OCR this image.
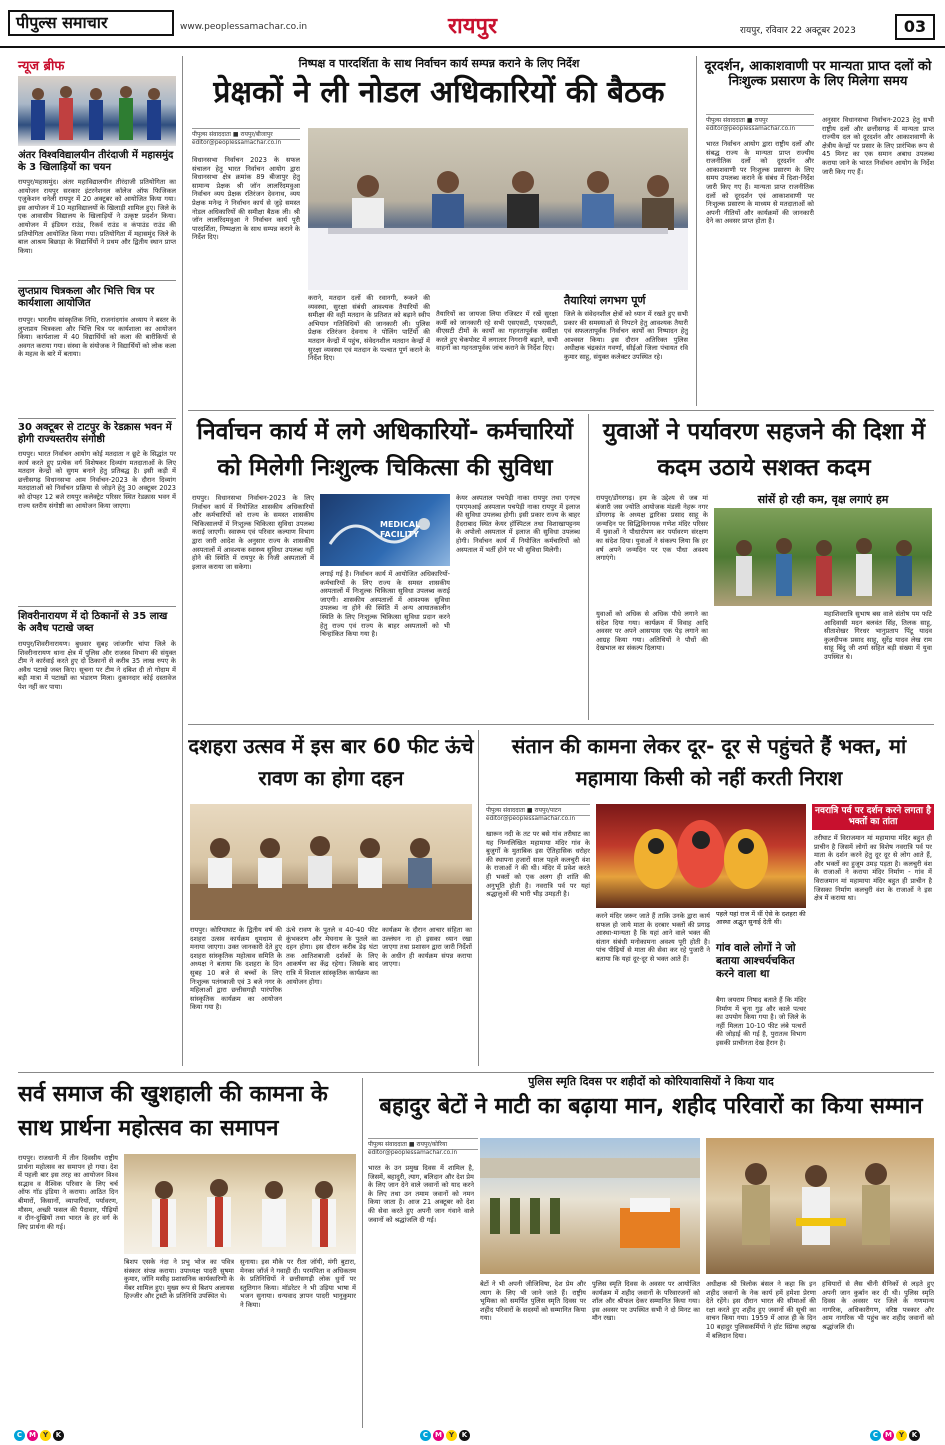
पीपुल्स समाचार	www.peoplessamachar.co.in	रायपुर	रायपुर, रविवार 22 अक्टूबर 2023	03
न्यूज ब्रीफ
अंतर विश्वविद्यालयीन तीरंदाजी में महासमुंद के 3 खिलाड़ियों का चयन
रायपुर/महासमुंद। अंतर महाविद्यालयीन तीरंदाजी प्रतियोगिता का आयोजन रायपुर सरकार इंटरनेशनल कॉलेज ऑफ फिजिकल एजुकेशन धनेली रायपुर में 20 अक्टूबर को आयोजित किया गया। इस आयोजन में 10 महाविद्यालयों के खिलाड़ी शामिल हुए। जिले के एक आवासीय विद्यालय के खिलाड़ियों ने उत्कृष्ट प्रदर्शन किया। आयोजन में इंडियन राउंड, रिकर्व राउंड व कंपाउंड राउंड की प्रतियोगिता आयोजित किया गया। प्रतियोगिता में महासमुंद जिले के बाल आश्रम बिछाड़ा के विद्यार्थियों ने प्रथम और द्वितीय स्थान प्राप्त किया।
लुप्तप्राय चित्रकला और भित्ति चित्र पर कार्यशाला आयोजित
रायपुर। भारतीय सांस्कृतिक निधि, राजनांदगांव अध्याय ने बस्तर के लुप्तप्राय चित्रकला और भित्ति चित्र पर कार्यशाला का आयोजन किया। कार्यशाला में 40 विद्यार्थियों को कला की बारीकियों से अवगत कराया गया। संस्था के संयोजक ने विद्यार्थियों को लोक कला के महत्व के बारे में बताया।
30 अक्टूबर से टाटपुर के रेडक्रास भवन में होगी राज्यस्तरीय संगोष्ठी
रायपुर। भारत निर्वाचन आयोग कोई मतदाता न छूटे के सिद्धांत पर कार्य करते हुए प्रत्येक वर्ग विशेषकर दिव्यांग मतदाताओं के लिए मतदान केन्द्रों को सुगम बनाने हेतु प्रतिबद्ध है। इसी कड़ी में छत्तीसगढ़ विधानसभा आम निर्वाचन-2023 के दौरान दिव्यांग मतदाताओं को निर्वाचन प्रक्रिया से जोड़ने हेतु 30 अक्टूबर 2023 को दोपहर 12 बजे रायपुर कलेक्ट्रेट परिसर स्थित रेडक्रास भवन में राज्य स्तरीय संगोष्ठी का आयोजन किया जाएगा।
शिवरीनारायण में दो ठिकानों से 35 लाख के अवैध पटाखे जब्त
रायपुर/शिवरीनारायण। बुधवार सुबह जांजगीर चांपा जिले के शिवरीनारायण थाना क्षेत्र में पुलिस और राजस्व विभाग की संयुक्त टीम ने कार्रवाई करते हुए दो ठिकानों से करीब 35 लाख रुपए के अवैध पटाखे जब्त किए। सूचना पर टीम ने दबिश दी तो गोदाम में बड़ी मात्रा में पटाखों का भंडारण मिला। दुकानदार कोई दस्तावेज पेश नहीं कर पाया।
निष्पक्ष व पारदर्शिता के साथ निर्वाचन कार्य सम्पन्न कराने के लिए निर्देश
प्रेक्षकों ने ली नोडल अधिकारियों की बैठक
पीपुल्स संवाददाता ■ रायपुर/बीजापुर
editor@peoplessamachar.co.in
विधानसभा निर्वाचन 2023 के सफल संचालन हेतु भारत निर्वाचन आयोग द्वारा विधानसभा क्षेत्र क्रमांक 89 बीजापुर हेतु सामान्य प्रेक्षक श्री जॉन लालरिंदमवुआ निर्वाचन व्यय प्रेक्षक रतिरंजन देवनाथ, व्यय प्रेक्षक मनेन्द्र ने निर्वाचन कार्य से जुड़े समस्त नोडल अधिकारियों की समीक्षा बैठक ली। श्री जॉन लालरिंदमवुआ ने निर्वाचन कार्य पूरी पारदर्शिता, निष्पक्षता के साथ सम्पन्न कराने के निर्देश दिए।
कराने, मतदान दलों की रवानगी, रूकने की व्यवस्था, सुरक्षा संबंधी आवश्यक तैयारियों की समीक्षा की वहीं मतदान के प्रतिशत को बढ़ाने स्वीप अभियान गतिविधियों की जानकारी ली। पुलिस प्रेक्षक रतिरंजन देवनाथ ने पोलिंग पार्टियों की मतदान केन्द्रों में पहुंच, संवेदनशील मतदान केन्द्रों में सुरक्षा व्यवस्था एवं मतदान के पश्चात पूर्ण कराने के निर्देश दिए।
तैयारियों का जायजा लिया रजिस्टर में रखें सुरक्षा कर्मी को जानकारी रहे सभी एसएसटी, एफएसटी, वीएसटी टीमों के कार्यों का गहनतापूर्वक समीक्षा करते हुए चेकपोस्ट में लगातार निगरानी बढ़ाने, सभी वाहनों का गहनतापूर्वक जांच कराने के निर्देश दिए।
तैयारियां लगभग पूर्ण
जिले के संवेदनशील क्षेत्रों को ध्यान में रखते हुए सभी प्रकार की समस्याओं से निपटने हेतु आवश्यक तैयारी एवं सफलतापूर्वक निर्वाचन कार्यों का निष्पादन हेतु आश्वस्त किया। इस दौरान अतिरिक्त पुलिस अधीक्षक चंद्रकांत गवर्णा, सीईओ जिला पंचायत रवि कुमार साहू, संयुक्त कलेक्टर उपस्थित रहे।
दूरदर्शन, आकाशवाणी पर मान्यता प्राप्त दलों को निःशुल्क प्रसारण के लिए मिलेगा समय
पीपुल्स संवाददाता ■ रायपुर
editor@peoplessamachar.co.in
भारत निर्वाचन आयोग द्वारा राष्ट्रीय दलों और संबद्ध राज्य के मान्यता प्राप्त राज्यीय राजनीतिक दलों को दूरदर्शन और आकाशवाणी पर निःशुल्क प्रसारण के लिए समय उपलब्ध कराने के संबंध में दिशा-निर्देश जारी किए गए हैं। मान्यता प्राप्त राजनीतिक दलों को दूरदर्शन एवं आकाशवाणी पर निःशुल्क प्रसारण के माध्यम से मतदाताओं को अपनी नीतियों और कार्यक्रमों की जानकारी देने का अवसर प्राप्त होता है।
अनुसार विधानसभा निर्वाचन-2023 हेतु सभी राष्ट्रीय दलों और छत्तीसगढ़ में मान्यता प्राप्त राज्यीय दल को दूरदर्शन और आकाशवाणी के क्षेत्रीय केन्द्रों पर प्रसार के लिए प्रारंभिक रूप से 45 मिनट का एक समान अबाध उपलब्ध कराया जाने के भारत निर्वाचन आयोग के निर्देश जारी किए गए हैं।
निर्वाचन कार्य में लगे अधिकारियों- कर्मचारियों को मिलेगी निःशुल्क चिकित्सा की सुविधा
रायपुर। विधानसभा निर्वाचन-2023 के लिए निर्वाचन कार्य में नियोजित शासकीय अधिकारियों और कर्मचारियों को राज्य के समस्त शासकीय चिकित्सालयों में निःशुल्क चिकित्सा सुविधा उपलब्ध कराई जाएगी। स्वास्थ्य एवं परिवार कल्याण विभाग द्वारा जारी आदेश के अनुसार राज्य के शासकीय अस्पतालों में आवश्यक स्वास्थ्य सुविधा उपलब्ध नहीं होने की स्थिति में रायपुर के निजी अस्पतालों में इलाज कराया जा सकेगा।
MEDICAL FACILITY
लगाई गई है। निर्वाचन कार्य में आयोजित अधिकारियों-कर्मचारियों के लिए राज्य के समस्त शासकीय अस्पतालों में निःशुल्क चिकित्सा सुविधा उपलब्ध कराई जाएगी। शासकीय अस्पतालों में आवश्यक सुविधा उपलब्ध ना होने की स्थिति में अन्य आयातकालीन स्थिति के लिए निःशुल्क चिकित्सा सुविधा प्रदान करने हेतु राज्य एवं राज्य के बाहर अस्पतालों को भी चिन्हांकित किया गया है।
केयर अस्पताल पचपेड़ी नाका रायपुर तथा एनएच एमएमआई अस्पताल पचपेड़ी नाका रायपुर में इलाज की सुविधा उपलब्ध होगी। इसी प्रकार राज्य के बाहर हैदराबाद स्थित केयर हॉस्पिटल तथा विशाखापट्टनम के अपोलो अस्पताल में इलाज की सुविधा उपलब्ध होगी। निर्वाचन कार्य में नियोजित कर्मचारियों को अस्पताल में भर्ती होने पर भी सुविधा मिलेगी।
युवाओं ने पर्यावरण सहजने की दिशा में कदम उठाये सशक्त कदम
सांसें हो रही कम, वृक्ष लगाएं हम
रायपुर/डोंगरगढ़। हम के उद्देश्य से जब मां बंजारी जस ज्योति आयोजक मंडली नेहरू नगर डोंगरगढ़ के अध्यक्ष द्वारिका प्रसाद साहू के जन्मदिन पर सिद्धिविनायक गणेश मंदिर परिसर में युवाओं ने पौधारोपण कर पर्यावरण संरक्षण का संदेश दिया। युवाओं ने संकल्प लिया कि हर वर्ष अपने जन्मदिन पर एक पौधा अवश्य लगाएंगे।
युवाओं को अधिक से अधिक पौधे लगाने का संदेश दिया गया। कार्यक्रम में विवाह आदि अवसर पर अपने आसपास एक पेड़ लगाने का आग्रह किया गया। अतिथियों ने पौधों की देखभाल का संकल्प दिलाया।
महाशिवरात्रि सुभाष बस वाले संतोष पम फटि आदिवासी मदन बलवंत सिंह, तिलक साहू, सीताशेखर गिरधर भानुप्रताप पिंटू यादव कुलदीपक प्रसाद साहू, सुरेंद्र यादव लेख राम साहू बिंदु जी शर्मा सहित बड़ी संख्या में युवा उपस्थित थे।
दशहरा उत्सव में इस बार 60 फीट ऊंचे रावण का होगा दहन
रायपुर। कोरियाघाट के द्वितीय वर्ष की दशहरा उत्सव कार्यक्रम धूमधाम से मनाया जाएगा। उक्त जानकारी देते हुए दशहरा सांस्कृतिक महोत्सव समिति के अध्यक्ष ने बताया कि दशहरा के दिन सुबह 10 बजे से बच्चों के लिए निःशुल्क पतंगबाजी एवं 3 बजे नगर के महिलाओं द्वारा छत्तीसगढ़ी पारंपरिक सांस्कृतिक कार्यक्रम का आयोजन किया गया है।
ऊंचे रावण के पुतले व 40-40 फीट कुंभकरण और मेघनाथ के पुतले का दहन होगा। इस दौरान करीब डेढ़ घंटा तक आतिशबाजी दर्शकों के लिए आकर्षण का केंद्र रहेगा। जिसके बाद रात्रि में विशाल सांस्कृतिक कार्यक्रम का आयोजन होगा।
कार्यक्रम के दौरान आचार संहिता का उल्लंघन ना हो इसका ध्यान रखा जाएगा तथा प्रशासन द्वारा जारी निर्देशों के अधीन ही कार्यक्रम संपन्न कराया जाएगा।
संतान की कामना लेकर दूर- दूर से पहुंचते हैं भक्त, मां महामाया किसी को नहीं करती निराश
पीपुल्स संवाददाता ■ रायपुर/पाटन
editor@peoplessamachar.co.in
खारून नदी के तट पर बसे गांव तरीघाट का यह निम्नलिखित महामाया मंदिर गांव के बुजुर्गों के मुताबिक इस ऐतिहासिक धरोहर की स्थापना हजारों साल पहले कलचुरी वंश के राजाओं ने की थी। मंदिर में प्रवेश करते ही भक्तों को एक अलग ही शांति की अनुभूति होती है। नवरात्रि पर्व पर यहां श्रद्धालुओं की भारी भीड़ उमड़ती है।
पहले यहां राज में थीं ऐसे के दशहरा की आस्था अद्भुत सुनाई देती थी।
करने मंदिर जरूर जाते हैं ताकि उनके द्वारा कार्य सफल हो जाये माता के दरबार भक्तों की प्रगाढ़ आस्था-मान्यता है कि यहां आने वाले भक्त की संतान संबंधी मनोकामना अवश्य पूरी होती है। पांच पीढ़ियों से माता की सेवा कर रहे पुजारी ने बताया कि यहां दूर-दूर से भक्त आते हैं।
गांव वाले लोगों ने जो बताया आश्चर्यचकित करने वाला था
बैगा जयराम निषाद बताते हैं कि मंदिर निर्माण में चूना गुड़ और काले पत्थर का उपयोग किया गया है। जो जिले के नहीं मिलता 10-10 फीट लंबे पत्थरों की जोड़ाई की गई है, पुरातत्व विभाग इसकी प्राचीनता देख हैरान है।
नवरात्रि पर्व पर दर्शन करने लगता है भक्तों का तांता
तरीघाट में विराजमान मां महामाया मंदिर बहुत ही प्राचीन है जिसमें लोगों का विशेष नवरात्रि पर्व पर माता के दर्शन करने हेतु दूर दूर से लोग आते हैं, और भक्तों का हुजूम उमड़ पड़ता है। कलचुरी वंश के राजाओं ने कराया मंदिर निर्माण - गांव में विराजमान मां महामाया मंदिर बहुत ही प्राचीन है जिसका निर्माण कलचुरी वंश के राजाओं ने इस क्षेत्र में कराया था।
सर्व समाज की खुशहाली की कामना के साथ प्रार्थना महोत्सव का समापन
रायपुर। राजधानी में तीन दिवसीय राष्ट्रीय प्रार्थना महोत्सव का समापन हो गया। देश में पहली बार इस तरह का आयोजन विश्व सद्भाव व वैश्विक परिवार के लिए चर्च ऑफ गॉड इंडिया ने कराया। आठित दिन बीमारों, किसानों, व्यापारियों, पर्यावरण, मौसम, अच्छी फसल की पैदावार, पीढ़ियों व दीन-दुखियों तथा भारत के हर वर्ग के लिए प्रार्थना की गई।
बिशप एसके नंदा ने प्रभु भोज का पवित्र संस्कार संपन्न कराया। उपाध्यक्ष पादरी सुषमा कुमार, जॉनि मसीह प्रशासनिक कार्यकारिणी के मेंबर शामिल हुए। मुख्य रूप से बिशप अलायस हिज्जीर और ट्रस्टी के प्रतिनिधि उपस्थित थे।
सुनाया। इस मौके पर रीता जॉयी, मंगी बुटारा, मेनका जॉर्ज ने गवाही दी। परमपिता व अधिकतम के प्रतिनिधियों ने छत्तीसगढ़ी लोक धुनों पर स्तुतिगान किया। मॉडरेटर ने भी उड़िया भाषा में भजन सुनाया। धन्यवाद ज्ञापन पादरी भानुकुमार ने किया।
पुलिस स्मृति दिवस पर शहीदों को कोरियावासियों ने किया याद
बहादुर बेटों ने माटी का बढ़ाया मान, शहीद परिवारों का किया सम्मान
पीपुल्स संवाददाता ■ रायपुर/कोरिया
editor@peoplessamachar.co.in
भारत के उन प्रमुख दिवस में शामिल है, जिसमें, बहादुरी, त्याग, बलिदान और देश प्रेम के लिए जान देने वाले जवानों को याद करने के लिए तथा उन तमाम जवानों को नमन किया जाता है। आज 21 अक्टूबर को देश की सेवा करते हुए अपनी जान गंवाने वाले जवानों को श्रद्धांजलि दी गई।
बेटों ने भी अपनी जीजिविषा, देश प्रेम और त्याग के लिए भी जाने जाते हैं। राष्ट्रीय भूमिका को समर्पित पुलिस स्मृति दिवस पर शहीद परिवारों के सदस्यों को सम्मानित किया गया।
पुलिस स्मृति दिवस के अवसर पर आयोजित कार्यक्रम में शहीद जवानों के परिवारजनों को शॉल और श्रीफल देकर सम्मानित किया गया। इस अवसर पर उपस्थित सभी ने दो मिनट का मौन रखा।
अधीक्षक श्री त्रिलोक बंसल ने कहा कि इन शहीद जवानों के नेक कार्य हमें हमेशा प्रेरणा देते रहेंगे। इस दौरान भारत की सीमाओं की रक्षा करते हुए शहीद हुए जवानों की सूची का वाचन किया गया। 1959 में आज ही के दिन 10 बहादुर पुलिसकर्मियों ने हॉट स्प्रिंग्स लद्दाख में बलिदान दिया।
हथियारों से लैस चीनी सैनिकों से लड़ते हुए अपनी जान कुर्बान कर दी थी। पुलिस स्मृति दिवस के अवसर पर जिले के गणमान्य नागरिक, अधिकारीगण, वरिष्ठ पत्रकार और आम नागरिक भी पहुंच कर शहीद जवानों को श्रद्धांजलि दी।
C M Y	K	C M Y	K	C M Y	K
